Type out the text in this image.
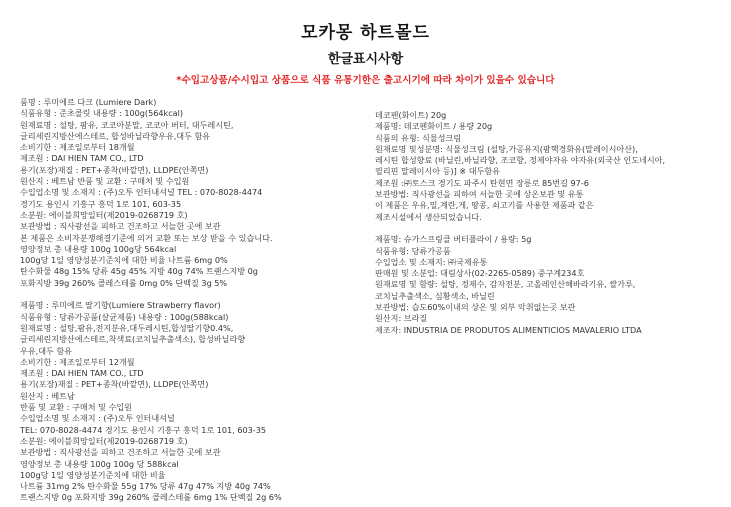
모카몽 하트몰드
한글표시사항
*수입고상품/수시입고 상품으로 식품 유통기한은 출고시기에 따라 차이가 있을수 있습니다
품명 : 루미에르 다크 (Lumiere Dark)
식품유형 : 준초콜릿 내용량 : 100g(564kcal)
원재료명 : 설탕, 팜유, 코코아분말, 코코아 버터, 대두레시틴,
글리세린지방산에스테르, 합성바닐라향우유,대두 함유
소비기한 : 제조일로부터 18개월
제조원 : DAI HIEN TAM CO., LTD
용기(포장)재질 : PET+종착(바깥면), LLDPE(안쪽면)
원산지 : 베트남 반품 및 교환 : 구매처 및 수입원
수입업소명 및 소재지 : (주)오투 인터내셔널 TEL : 070-8028-4474
경기도 용인시 기흥구 흥덕 1로 101, 603-35
소분원: 에이블희망일터(제2019-0268719 호)
보관방법 : 직사광선을 피하고 건조하고 서늘한 곳에 보관
본 제품은 소비자분쟁해결기준에 의거 교환 또는 보상 받을 수 있습니다.
영양정보 총 내용량 100g 100g당 564kcal
100g당 1일 영양성분기준치에 대한 비율 나트륨 6mg 0%
탄수화물 48g 15% 당류 45g 45% 지방 40g 74% 트랜스지방 0g
포화지방 39g 260% 콜레스테롤 0mg 0% 단백질 3g 5%
제품명 : 루미에르 딸기향(Lumiere Strawberry flavor)
식품유형 : 당류가공품(살균제품) 내용량 : 100g(588kcal)
원재료명 : 설탕,팜유,전지분유,대두레시틴,합성딸기향0.4%,
글리세린지방산에스테르,착색료(코치닐추출색소), 합성바닐라향
우유,대두 함유
소비기한 : 제조일로부터 12개월
제조원 : DAI HIEN TAM CO., LTD
용기(포장)재질 : PET+종착(바깥면), LLDPE(안쪽면)
원산지 : 베트남
반품 및 교환 : 구매처 및 수입원
수입업소명 및 소재지 : (주)오투 인터내셔널
TEL: 070-8028-4474 경기도 용인시 기흥구 흥덕 1로 101, 603-35
소분원: 에이블희망일터(제2019-0268719 호)
보관방법 : 직사광선을 피하고 건조하고 서늘한 곳에 보관
영양정보 총 내용량 100g 100g 당 588kcal
100g당 1일 영양성분기준치에 대한 비율
나트륨 31mg 2% 탄수화물 55g 17% 당류 47g 47% 지방 40g 74%
트랜스지방 0g 포화지방 39g 260% 콜레스테롤 6mg 1% 단백질 2g 6%
데코펜(화이트) 20g
제품명: 데코펜화이트 / 용량 20g
식품의 유형: 식물성크림
원재료명 및성분명: 식물성크림 (설탕,가공유지(팜핵경화유(말레이시아산),
레시틴 합성향료 (바닐린,바닐라향, 조코향, 정제야자유 야자유(외국산 인도네시아,
필리핀 말레이시아 등)] ※ 대두함유
제조원 :㈜토스크 경기도 파주시 탄현면 장릉로 85번길 97-6
보관방법: 직사광선을 피하여 서늘한 곳에 상온보관 및 유통
이 제품은 우유,밀,계란,게, 땅콩, 쇠고기를 사용한 제품과 같은
제조시설에서 생산되었습니다.
제품명: 슈가스프링클 버터플라이 / 용량: 5g
식품유형: 당류가공품
수입업소 및 소재지: ㈜국제유통
판매원 및 소분업: 대림상사(02-2265-0589) 중구계234호
원재료명 및 함량: 설탕, 정제수, 감자전분, 고올레인산해바라기유, 쌀가루,
코치닐추출색소, 심황색소, 바닐린
보관방법: 습도60%이내의 상온 및 외부 악취없는곳 보관
원산지: 브라질
제조자: INDUSTRIA DE PRODUTOS ALIMENTICIOS MAVALERIO LTDA
